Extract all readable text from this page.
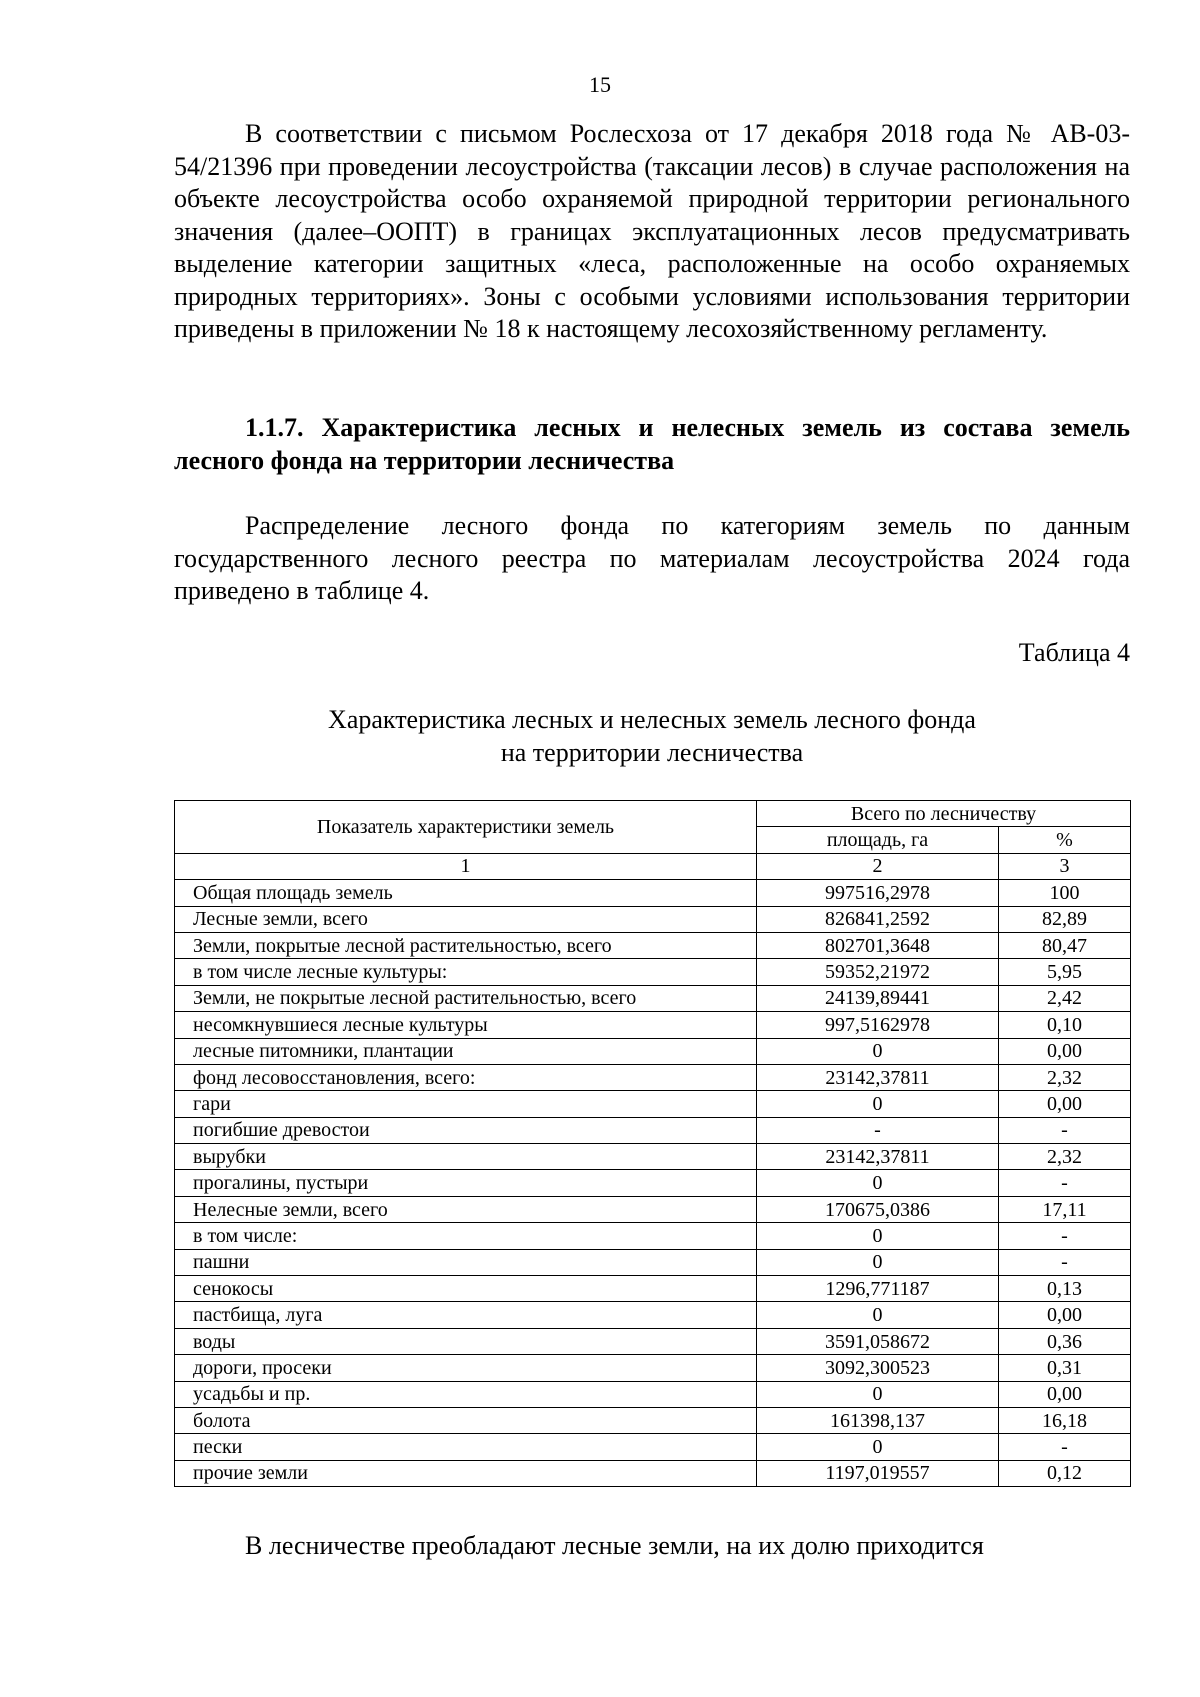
15

В соответствии с письмом Рослесхоза от 17 декабря 2018 года № АВ-03-54/21396 при проведении лесоустройства (таксации лесов) в случае расположения на объекте лесоустройства особо охраняемой природной территории регионального значения (далее–ООПТ) в границах эксплуатационных лесов предусматривать выделение категории защитных «леса, расположенные на особо охраняемых природных территориях». Зоны с особыми условиями использования территории приведены в приложении № 18 к настоящему лесохозяйственному регламенту.

1.1.7. Характеристика лесных и нелесных земель из состава земель лесного фонда на территории лесничества

Распределение лесного фонда по категориям земель по данным государственного лесного реестра по материалам лесоустройства 2024 года приведено в таблице 4.

Таблица 4
Характеристика лесных и нелесных земель лесного фонда
на территории лесничества
Показатель характеристики земель	Всего по лесничеству	
	площадь, га	%
1	2	3
Общая площадь земель	997516,2978	100
Лесные земли, всего	826841,2592	82,89
Земли, покрытые лесной растительностью, всего	802701,3648	80,47
в том числе лесные культуры:	59352,21972	5,95
Земли, не покрытые лесной растительностью, всего	24139,89441	2,42
несомкнувшиеся лесные культуры	997,5162978	0,10
лесные питомники, плантации	0	0,00
фонд лесовосстановления, всего:	23142,37811	2,32
гари	0	0,00
погибшие древостои	-	-
вырубки	23142,37811	2,32
прогалины, пустыри	0	-
Нелесные земли, всего	170675,0386	17,11
в том числе:	0	-
пашни	0	-
сенокосы	1296,771187	0,13
пастбища, луга	0	0,00
воды	3591,058672	0,36
дороги, просеки	3092,300523	0,31
усадьбы и пр.	0	0,00
болота	161398,137	16,18
пески	0	-
прочие земли	1197,019557	0,12

В лесничестве преобладают лесные земли, на их долю приходится
